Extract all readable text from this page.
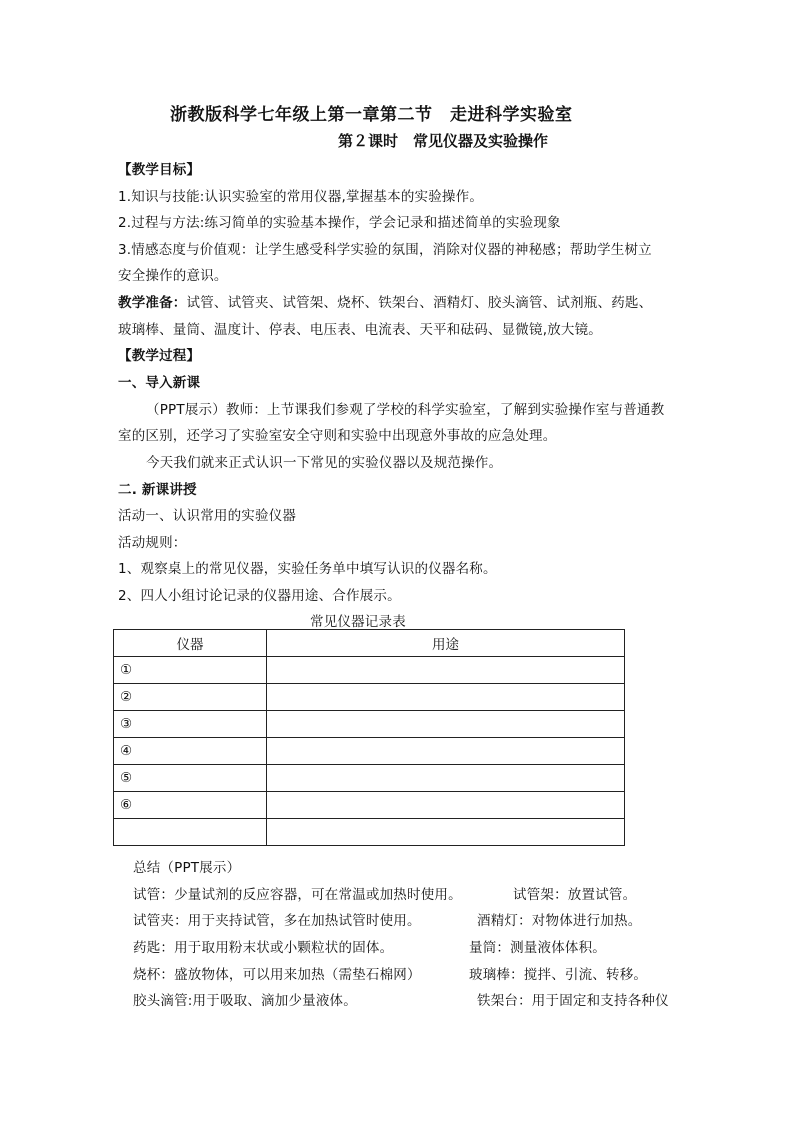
浙教版科学七年级上第一章第二节　走进科学实验室
第２课时　常见仪器及实验操作
【教学目标】
1.知识与技能:认识实验室的常用仪器,掌握基本的实验操作。
2.过程与方法:练习简单的实验基本操作，学会记录和描述简单的实验现象
3.情感态度与价值观：让学生感受科学实验的氛围，消除对仪器的神秘感；帮助学生树立
安全操作的意识。
教学准备：试管、试管夹、试管架、烧杯、铁架台、酒精灯、胶头滴管、试剂瓶、药匙、
玻璃棒、量筒、温度计、停表、电压表、电流表、天平和砝码、显微镜,放大镜。
【教学过程】
一、导入新课
（PPT展示）教师：上节课我们参观了学校的科学实验室，了解到实验操作室与普通教
室的区别，还学习了实验室安全守则和实验中出现意外事故的应急处理。
今天我们就来正式认识一下常见的实验仪器以及规范操作。
二. 新课讲授
活动一、认识常用的实验仪器
活动规则：
1、观察桌上的常见仪器，实验任务单中填写认识的仪器名称。
2、四人小组讨论记录的仪器用途、合作展示。
常见仪器记录表
仪器	用途
①	
②	
③	
④	
⑤	
⑥	

总结（PPT展示）
试管：少量试剂的反应容器，可在常温或加热时使用。	试管架：放置试管。
试管夹：用于夹持试管，多在加热试管时使用。	酒精灯：对物体进行加热。
药匙：用于取用粉末状或小颗粒状的固体。	量筒：测量液体体积。
烧杯：盛放物体，可以用来加热（需垫石棉网）	玻璃棒：搅拌、引流、转移。
胶头滴管:用于吸取、滴加少量液体。	铁架台：用于固定和支持各种仪
